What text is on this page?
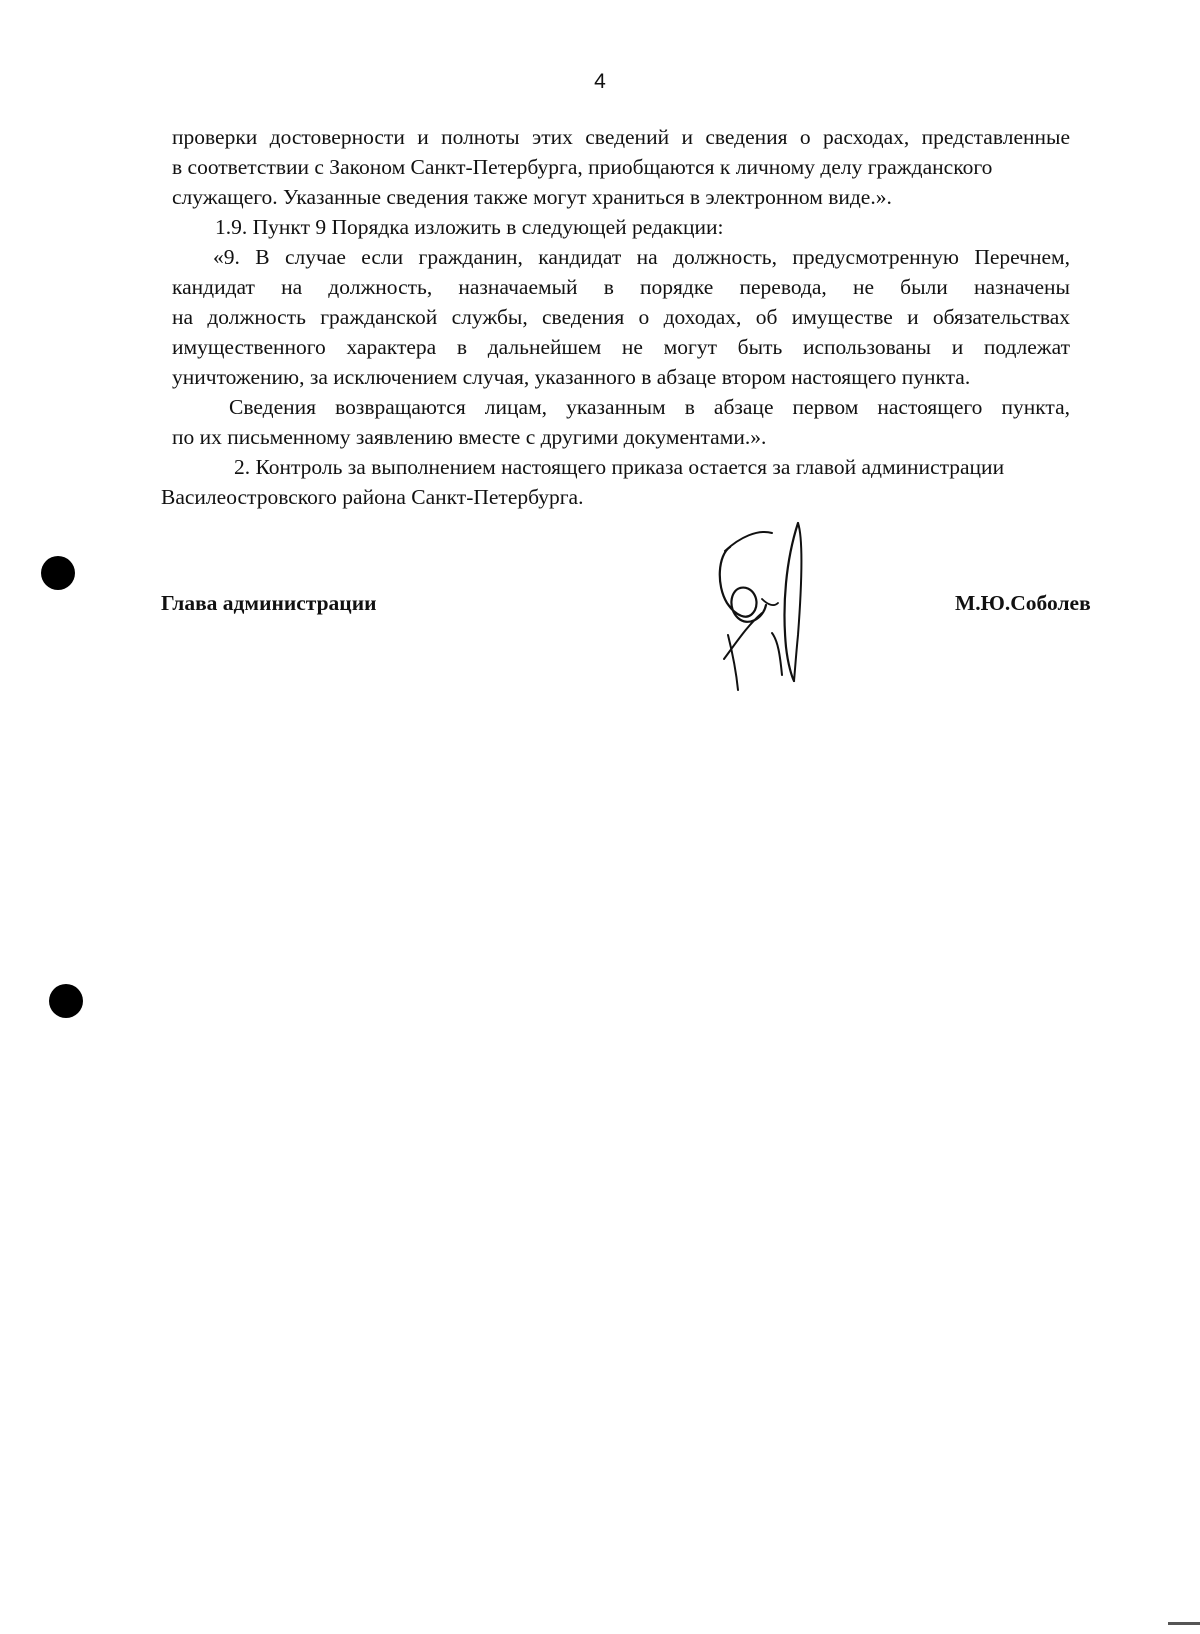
4
проверки достоверности и полноты этих сведений и сведения о расходах, представленные
в соответствии с Законом Санкт-Петербурга, приобщаются к личному делу гражданского
служащего. Указанные сведения также могут храниться в электронном виде.».
1.9. Пункт 9 Порядка изложить в следующей редакции:
«9. В случае если гражданин, кандидат на должность, предусмотренную Перечнем,
кандидат на должность, назначаемый в порядке перевода, не были назначены
на должность гражданской службы, сведения о доходах, об имуществе и обязательствах
имущественного характера в дальнейшем не могут быть использованы и подлежат
уничтожению, за исключением случая, указанного в абзаце втором настоящего пункта.
Сведения возвращаются лицам, указанным в абзаце первом настоящего пункта,
по их письменному заявлению вместе с другими документами.».
2. Контроль за выполнением настоящего приказа остается за главой администрации
Василеостровского района Санкт-Петербурга.
Глава администрации	М.Ю.Соболев
